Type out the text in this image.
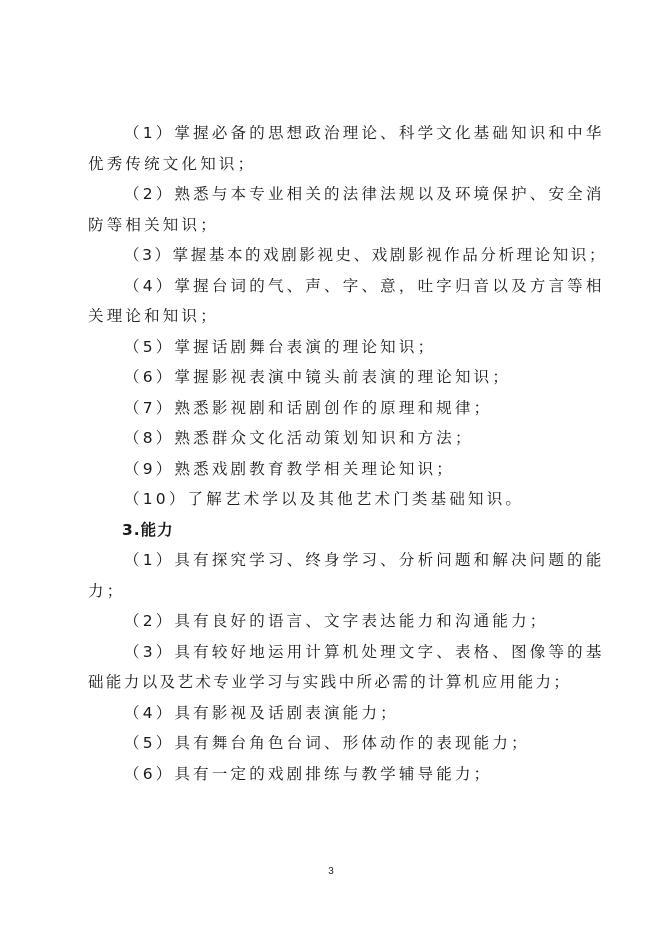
（1）掌握必备的思想政治理论、科学文化基础知识和中华
优秀传统文化知识；
（2）熟悉与本专业相关的法律法规以及环境保护、安全消
防等相关知识；
（3）掌握基本的戏剧影视史、戏剧影视作品分析理论知识；
（4）掌握台词的气、声、字、意，吐字归音以及方言等相
关理论和知识；
（5）掌握话剧舞台表演的理论知识；
（6）掌握影视表演中镜头前表演的理论知识；
（7）熟悉影视剧和话剧创作的原理和规律；
（8）熟悉群众文化活动策划知识和方法；
（9）熟悉戏剧教育教学相关理论知识；
（10）了解艺术学以及其他艺术门类基础知识。
3.能力
（1）具有探究学习、终身学习、分析问题和解决问题的能
力；
（2）具有良好的语言、文字表达能力和沟通能力；
（3）具有较好地运用计算机处理文字、表格、图像等的基
础能力以及艺术专业学习与实践中所必需的计算机应用能力；
（4）具有影视及话剧表演能力；
（5）具有舞台角色台词、形体动作的表现能力；
（6）具有一定的戏剧排练与教学辅导能力；
3
